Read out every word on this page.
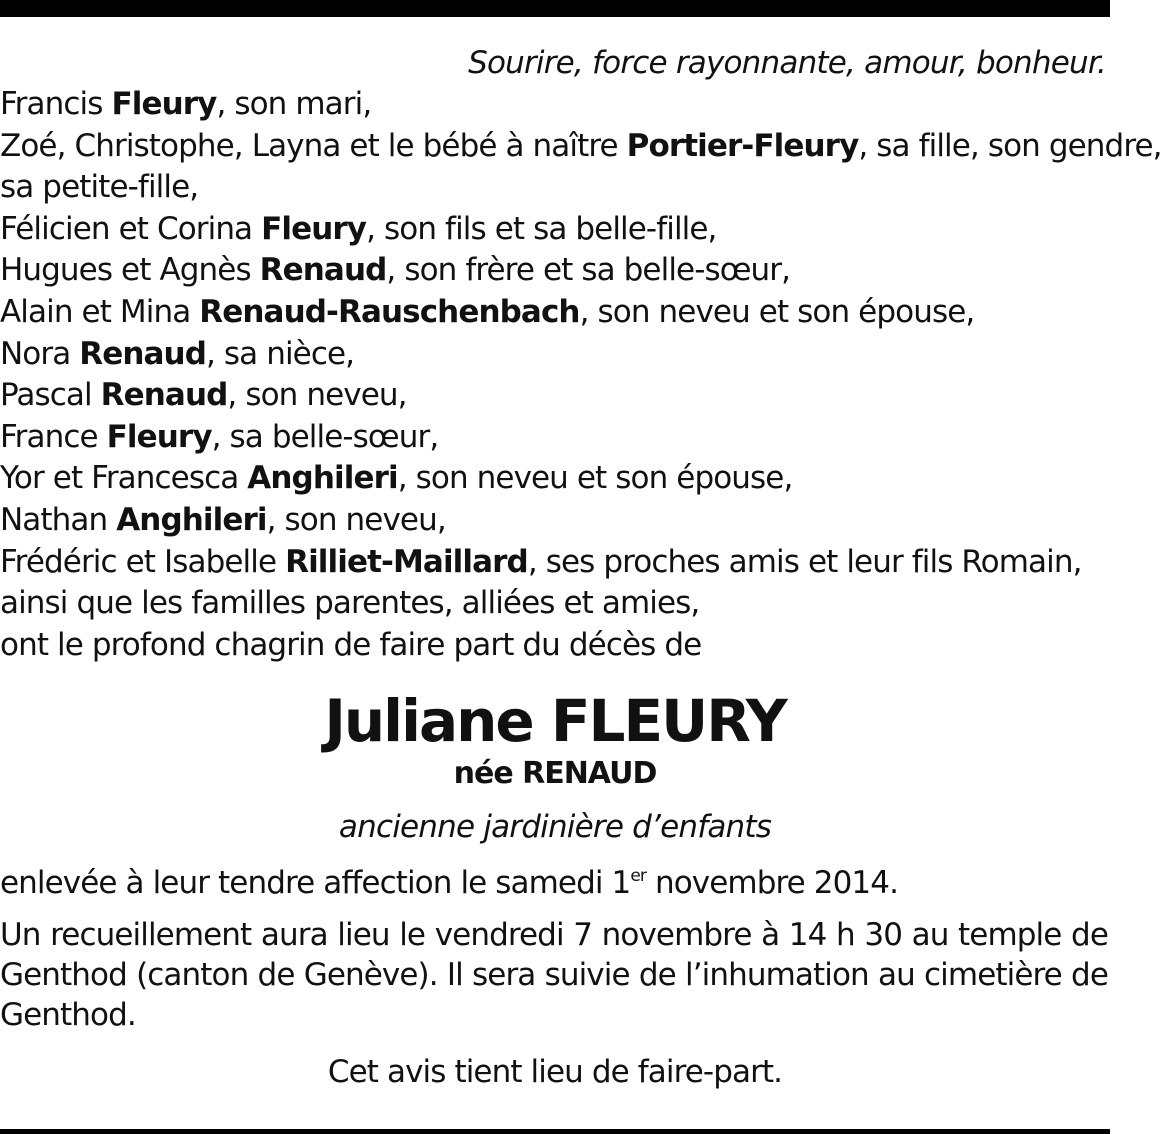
Sourire, force rayonnante, amour, bonheur.
Francis Fleury, son mari,
Zoé, Christophe, Layna et le bébé à naître Portier-Fleury, sa fille, son gendre,
sa petite-fille,
Félicien et Corina Fleury, son fils et sa belle-fille,
Hugues et Agnès Renaud, son frère et sa belle-sœur,
Alain et Mina Renaud-Rauschenbach, son neveu et son épouse,
Nora Renaud, sa nièce,
Pascal Renaud, son neveu,
France Fleury, sa belle-sœur,
Yor et Francesca Anghileri, son neveu et son épouse,
Nathan Anghileri, son neveu,
Frédéric et Isabelle Rilliet-Maillard, ses proches amis et leur fils Romain,
ainsi que les familles parentes, alliées et amies,
ont le profond chagrin de faire part du décès de
Juliane FLEURY
née RENAUD
ancienne jardinière d’enfants
enlevée à leur tendre affection le samedi 1er novembre 2014.
Un recueillement aura lieu le vendredi 7 novembre à 14 h 30 au temple de Genthod (canton de Genève). Il sera suivie de l’inhumation au cimetière de Genthod.
Cet avis tient lieu de faire-part.
